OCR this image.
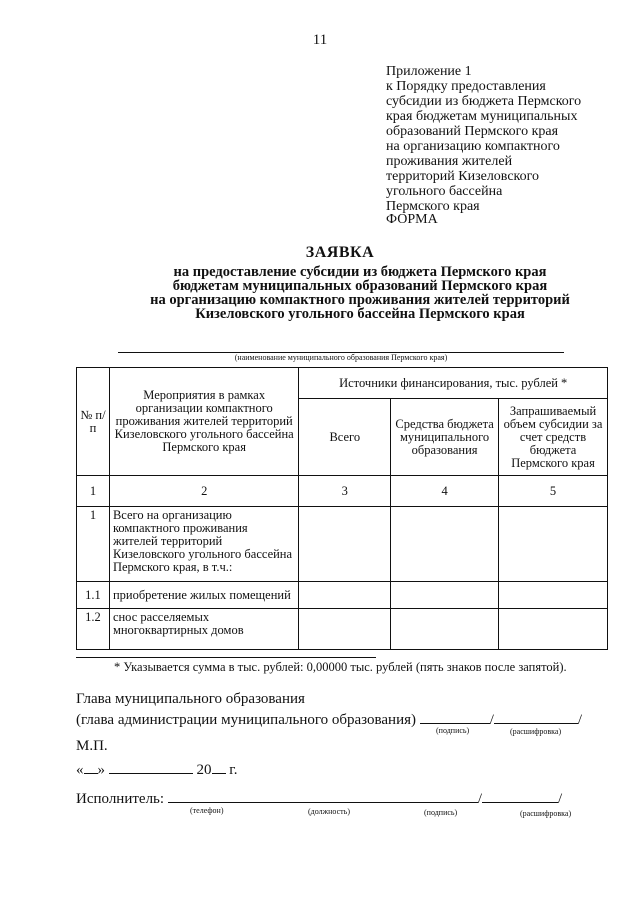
11
Приложение 1
к Порядку предоставления
субсидии из бюджета Пермского
края бюджетам муниципальных
образований Пермского края
на организацию компактного
проживания жителей
территорий Кизеловского
угольного бассейна
Пермского края
ФОРМА
ЗАЯВКА
на предоставление субсидии из бюджета Пермского края
бюджетам муниципальных образований Пермского края
на организацию компактного проживания жителей территорий
Кизеловского угольного бассейна Пермского края
(наименование муниципального образования Пермского края)
№ п/п	Мероприятия в рамках организации компактного проживания жителей территорий Кизеловского угольного бассейна Пермского края	Источники финансирования, тыс. рублей *		
		Всего	Средства бюджета муниципального образования	Запрашиваемый объем субсидии за счет средств бюджета Пермского края
1	2	3	4	5
1	Всего на организацию компактного проживания жителей территорий Кизеловского угольного бассейна Пермского края, в т.ч.:			
1.1	приобретение жилых помещений			
1.2	снос расселяемых многоквартирных домов			
* Указывается сумма в тыс. рублей: 0,00000 тыс. рублей (пять знаков после запятой).
Глава муниципального образования
(глава администрации муниципального образования)	/	/
(подпись)	(расшифровка)
М.П.
« »	20 г.
Исполнитель:	/	/
(телефон)	(должность)	(подпись)	(расшифровка)
